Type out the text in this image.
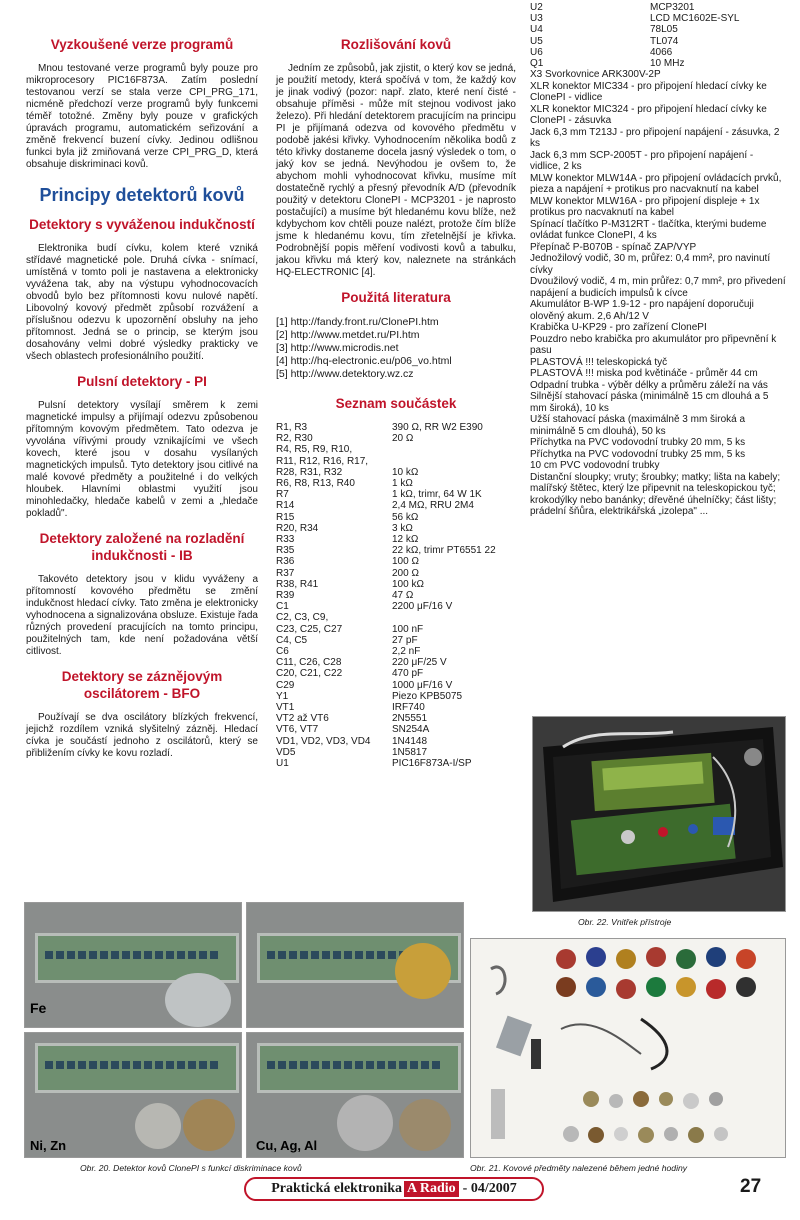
Vyzkoušené verze programů

Mnou testované verze programů byly pouze pro mikroprocesory PIC16F873A. Zatím poslední testovanou verzí se stala verze CPI_PRG_171, nicméně předchozí verze programů byly funkcemi téměř totožné. Změny byly pouze v grafických úpravách programu, automatickém seřizování a změně frekvencí buzení cívky. Jedinou odlišnou funkci byla již zmiňovaná verze CPI_PRG_D, která obsahuje diskriminaci kovů.

Principy detektorů kovů
Detektory s vyváženou indukčností

Elektronika budí cívku, kolem které vzniká střídavé magnetické pole. Druhá cívka - snímací, umístěná v tomto poli je nastavena a elektronicky vyvážena tak, aby na výstupu vyhodnocovacích obvodů bylo bez přítomnosti kovu nulové napětí. Libovolný kovový předmět způsobí rozvážení a příslušnou odezvu k upozornění obsluhy na jeho přítomnost. Jedná se o princip, se kterým jsou dosahovány velmi dobré výsledky prakticky ve všech oblastech profesionálního použití.

Pulsní detektory - PI

Pulsní detektory vysílají směrem k zemi magnetické impulsy a přijímají odezvu způsobenou přítomným kovovým předmětem. Tato odezva je vyvolána vířivými proudy vznikajícími ve všech kovech, které jsou v dosahu vysílaných magnetických impulsů. Tyto detektory jsou citlivé na malé kovové předměty a použitelné i do velkých hloubek. Hlavními oblastmi využití jsou minohledačky, hledače kabelů v zemi a „hledače pokladů".

Detektory založené na rozladění indukčnosti - IB

Takovéto detektory jsou v klidu vyváženy a přítomností kovového předmětu se změní indukčnost hledací cívky. Tato změna je elektronicky vyhodnocena a signalizována obsluze. Existuje řada různých provedení pracujících na tomto principu, použitelných tam, kde není požadována větší citlivost.

Detektory se záznějovým oscilátorem - BFO

Používají se dva oscilátory blízkých frekvencí, jejichž rozdílem vzniká slyšitelný zázněj. Hledací cívka je součástí jednoho z oscilátorů, který se přibližením cívky ke kovu rozladí.

Rozlišování kovů

Jedním ze způsobů, jak zjistit, o který kov se jedná, je použití metody, která spočívá v tom, že každý kov je jinak vodivý (pozor: např. zlato, které není čisté - obsahuje příměsi - může mít stejnou vodivost jako železo). Při hledání detektorem pracujícím na principu PI je přijímaná odezva od kovového předmětu v podobě jakési křivky. Vyhodnocením několika bodů z této křivky dostaneme docela jasný výsledek o tom, o jaký kov se jedná. Nevýhodou je ovšem to, že abychom mohli vyhodnocovat křivku, musíme mít dostatečně rychlý a přesný převodník A/D (převodník použitý v detektoru ClonePI - MCP3201 - je naprosto postačující) a musíme být hledanému kovu blíže, než kdybychom kov chtěli pouze nalézt, protože čím blíže jsme k hledanému kovu, tím zřetelnější je křivka. Podrobnější popis měření vodivosti kovů a tabulku, jakou křivku má který kov, naleznete na stránkách HQ-ELECTRONIC [4].

Použitá literatura
[1] http://fandy.front.ru/ClonePI.htm
[2] http://www.metdet.ru/PI.htm
[3] http://www.microdis.net
[4] http://hq-electronic.eu/p06_vo.html
[5] http://www.detektory.wz.cz
Seznam součástek
R1, R3	390 Ω, RR W2 E390
R2, R30	20 Ω
R4, R5, R9, R10,	
R11, R12, R16, R17,	
R28, R31, R32	10 kΩ
R6, R8, R13, R40	1 kΩ
R7	1 kΩ, trimr, 64 W 1K
R14	2,4 MΩ, RRU 2M4
R15	56 kΩ
R20, R34	3 kΩ
R33	12 kΩ
R35	22 kΩ, trimr PT6551 22
R36	100 Ω
R37	200 Ω
R38, R41	100 kΩ
R39	47 Ω
C1	2200 μF/16 V
C2, C3, C9,	
C23, C25, C27	100 nF
C4, C5	27 pF
C6	2,2 nF
C11, C26, C28	220 μF/25 V
C20, C21, C22	470 pF
C29	1000 μF/16 V
Y1	Piezo KPB5075
VT1	IRF740
VT2 až VT6	2N5551
VT6, VT7	SN254A
VD1, VD2, VD3, VD4	1N4148
VD5	1N5817
U1	PIC16F873A-I/SP
U2	MCP3201
U3	LCD MC1602E-SYL
U4	78L05
U5	TL074
U6	4066
Q1	10 MHz
X3 Svorkovnice ARK300V-2P
XLR konektor MIC334 - pro připojení hledací cívky ke ClonePI - vidlice
XLR konektor MIC324 - pro připojení hledací cívky ke ClonePI - zásuvka
Jack 6,3 mm T213J - pro připojení napájení - zásuvka, 2 ks
Jack 6,3 mm SCP-2005T - pro připojení napájení - vidlice, 2 ks
MLW konektor MLW14A - pro připojení ovládacích prvků, pieza a napájení + protikus pro nacvaknutí na kabel
MLW konektor MLW16A - pro připojení displeje + 1x protikus pro nacvaknutí na kabel
Spínací tlačítko P-M312RT - tlačítka, kterými budeme ovládat funkce ClonePI, 4 ks
Přepínač P-B070B - spínač ZAP/VYP
Jednožilový vodič, 30 m, průřez: 0,4 mm², pro navinutí cívky
Dvoužilový vodič, 4 m, min průřez: 0,7 mm², pro přivedení napájení a budicích impulsů k cívce
Akumulátor B-WP 1.9-12 - pro napájení doporučuji olověný akum. 2,6 Ah/12 V
Krabička U-KP29 - pro zařízení ClonePI
Pouzdro nebo krabička pro akumulátor pro připevnění k pasu
PLASTOVÁ !!! teleskopická tyč
PLASTOVÁ !!! miska pod květináče - průměr 44 cm
Odpadní trubka - výběr délky a průměru záleží na vás
Silnější stahovací páska (minimálně 15 cm dlouhá a 5 mm široká), 10 ks
Užší stahovací páska (maximálně 3 mm široká a minimálně 5 cm dlouhá), 50 ks
Příchytka na PVC vodovodní trubky 20 mm, 5 ks
Příchytka na PVC vodovodní trubky 25 mm, 5 ks
10 cm PVC vodovodní trubky
Distanční sloupky; vruty; šroubky; matky; lišta na kabely; malířský štětec, který lze připevnit na teleskopickou tyč; krokodýlky nebo banánky; dřevěné úhelníčky; část lišty; prádelní šňůra, elektrikářská „izolepa" ...
Obr. 22. Vnitřek přístroje
Fe
Ni, Zn	Cu, Ag, Al
Obr. 20. Detektor kovů ClonePI s funkcí diskriminace kovů	Obr. 21. Kovové předměty nalezené během jedné hodiny
Praktická elektronika A Radio - 04/2007	27
